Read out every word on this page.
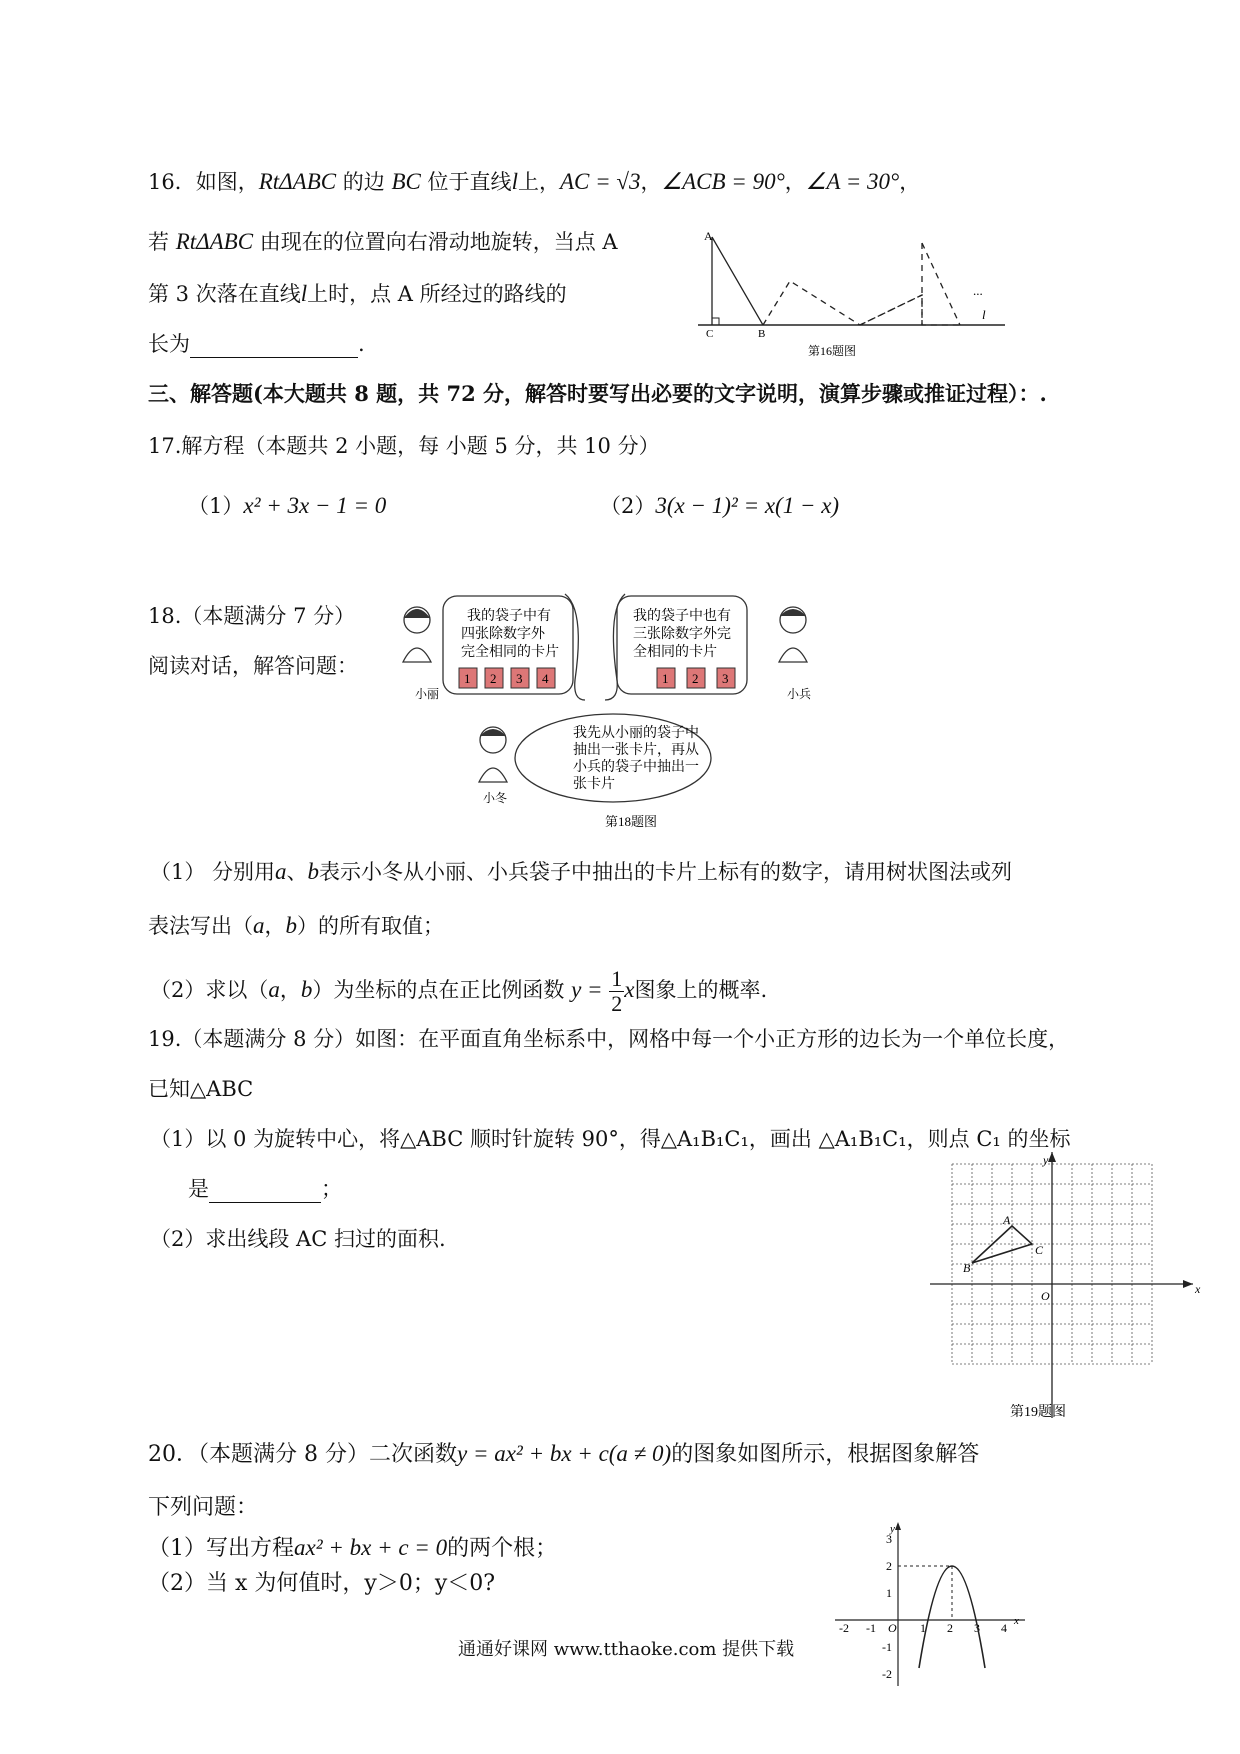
16．如图，RtΔABC 的边 BC 位于直线l上，AC = √3，∠ACB = 90°，∠A = 30°，
若 RtΔABC 由现在的位置向右滑动地旋转，当点 A
第 3 次落在直线l上时，点 A 所经过的路线的
长为	.
A
C	B
l
...
第16题图
三、解答题(本大题共 8 题，共 72 分，解答时要写出必要的文字说明，演算步骤或推证过程）：.
17.解方程（本题共 2 小题，每 小题 5 分，共 10 分）
（1）x² + 3x − 1 = 0	（2）3(x − 1)² = x(1 − x)
18.（本题满分 7 分）
阅读对话，解答问题：
小丽
我的袋子中有
四张除数字外
完全相同的卡片
1 2 3 4
我的袋子中也有
三张除数字外完
全相同的卡片
1 2 3
小兵
小冬
我先从小丽的袋子中
抽出一张卡片，再从
小兵的袋子中抽出一
张卡片
第18题图
（1） 分别用a、b表示小冬从小丽、小兵袋子中抽出的卡片上标有的数字，请用树状图法或列
表法写出（a，b）的所有取值；
（2）求以（a，b）为坐标的点在正比例函数 $y = \frac{1}{2}$ x图象上的概率.
19.（本题满分 8 分）如图：在平面直角坐标系中，网格中每一个小正方形的边长为一个单位长度，
已知△ABC
（1）以 0 为旋转中心，将△ABC 顺时针旋转 90°，得△A₁B₁C₁，画出 △A₁B₁C₁，则点 C₁ 的坐标
是	；
（2）求出线段 AC 扫过的面积.
y
x
O
A
B
C
第19题图
20．（本题满分 8 分）二次函数y = ax² + bx + c(a ≠ 0)的图象如图所示，根据图象解答
下列问题：
（1）写出方程ax² + bx + c = 0的两个根；
（2）当 x 为何值时，y＞0；y＜0?
y
x
O
-2 -1	1 2 3 4
3
2
1
-1
-2
通通好课网 www.tthaoke.com 提供下载
